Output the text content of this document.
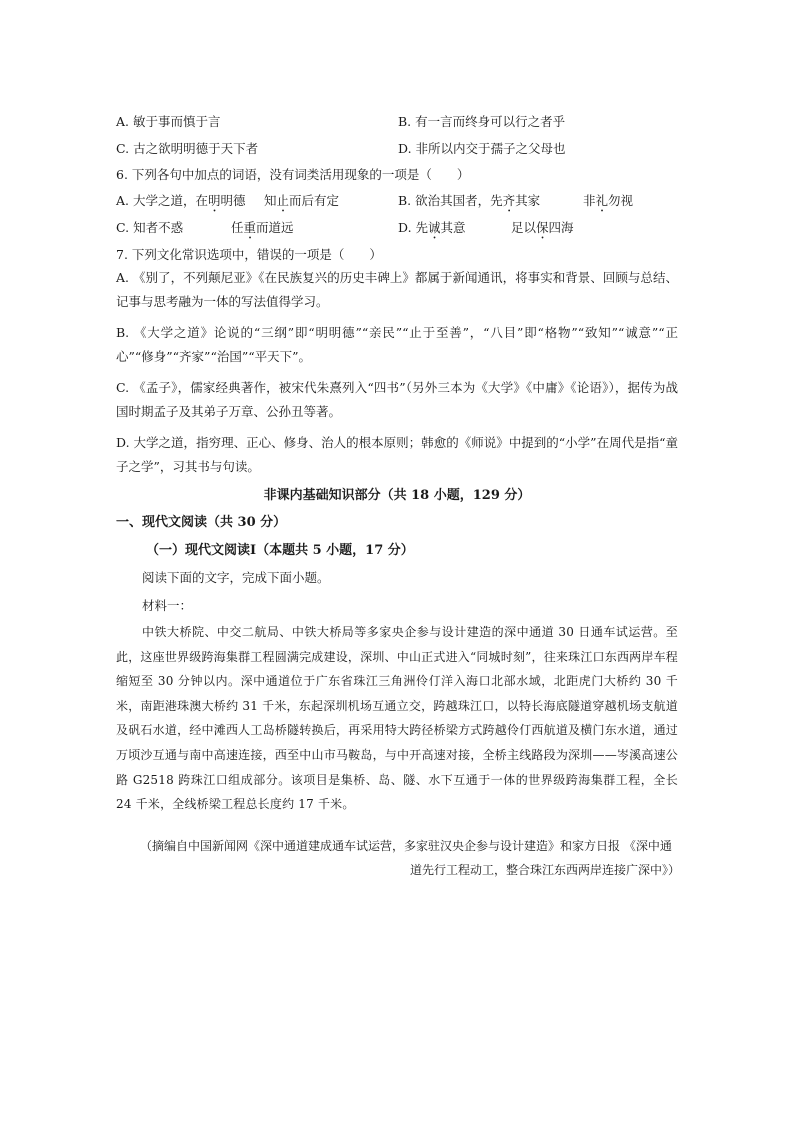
A. 敏于事而慎于言	B. 有一言而终身可以行之者乎
C. 古之欲明明德于天下者	D. 非所以内交于孺子之父母也
6. 下列各句中加点的词语，没有词类活用现象的一项是（　　）
A. 大学之道，在明明德 知止而后有定	B. 欲治其国者，先齐其家	非礼勿视
C. 知者不惑	任重而道远	D. 先诚其意	足以保四海
7. 下列文化常识选项中，错误的一项是（　　）
A. 《别了，不列颠尼亚》《在民族复兴的历史丰碑上》都属于新闻通讯，将事实和背景、回顾与总结、记事与思考融为一体的写法值得学习。
B. 《大学之道》论说的“三纲”即“明明德”“亲民”“止于至善”，“八目”即“格物”“致知”“诚意”“正心”“修身”“齐家”“治国”“平天下”。
C. 《孟子》，儒家经典著作，被宋代朱熹列入“四书”（另外三本为《大学》《中庸》《论语》），据传为战国时期孟子及其弟子万章、公孙丑等著。
D. 大学之道，指穷理、正心、修身、治人的根本原则；韩愈的《师说》中提到的“小学”在周代是指“童子之学”，习其书与句读。
非课内基础知识部分（共 18 小题，129 分）
一、现代文阅读（共 30 分）
（一）现代文阅读Ⅰ（本题共 5 小题，17 分）
阅读下面的文字，完成下面小题。
材料一：
中铁大桥院、中交二航局、中铁大桥局等多家央企参与设计建造的深中通道 30 日通车试运营。至此，这座世界级跨海集群工程圆满完成建设，深圳、中山正式进入“同城时刻”，往来珠江口东西两岸车程缩短至 30 分钟以内。深中通道位于广东省珠江三角洲伶仃洋入海口北部水域，北距虎门大桥约 30 千米，南距港珠澳大桥约 31 千米，东起深圳机场互通立交，跨越珠江口，以特长海底隧道穿越机场支航道及矾石水道，经中滩西人工岛桥隧转换后，再采用特大跨径桥梁方式跨越伶仃西航道及横门东水道，通过万顷沙互通与南中高速连接，西至中山市马鞍岛，与中开高速对接，全桥主线路段为深圳——岑溪高速公路 G2518 跨珠江口组成部分。该项目是集桥、岛、隧、水下互通于一体的世界级跨海集群工程，全长 24 千米，全线桥梁工程总长度约 17 千米。
（摘编自中国新闻网《深中通道建成通车试运营，多家驻汉央企参与设计建造》和家方日报 《深中通
道先行工程动工，整合珠江东西两岸连接广深中》）
